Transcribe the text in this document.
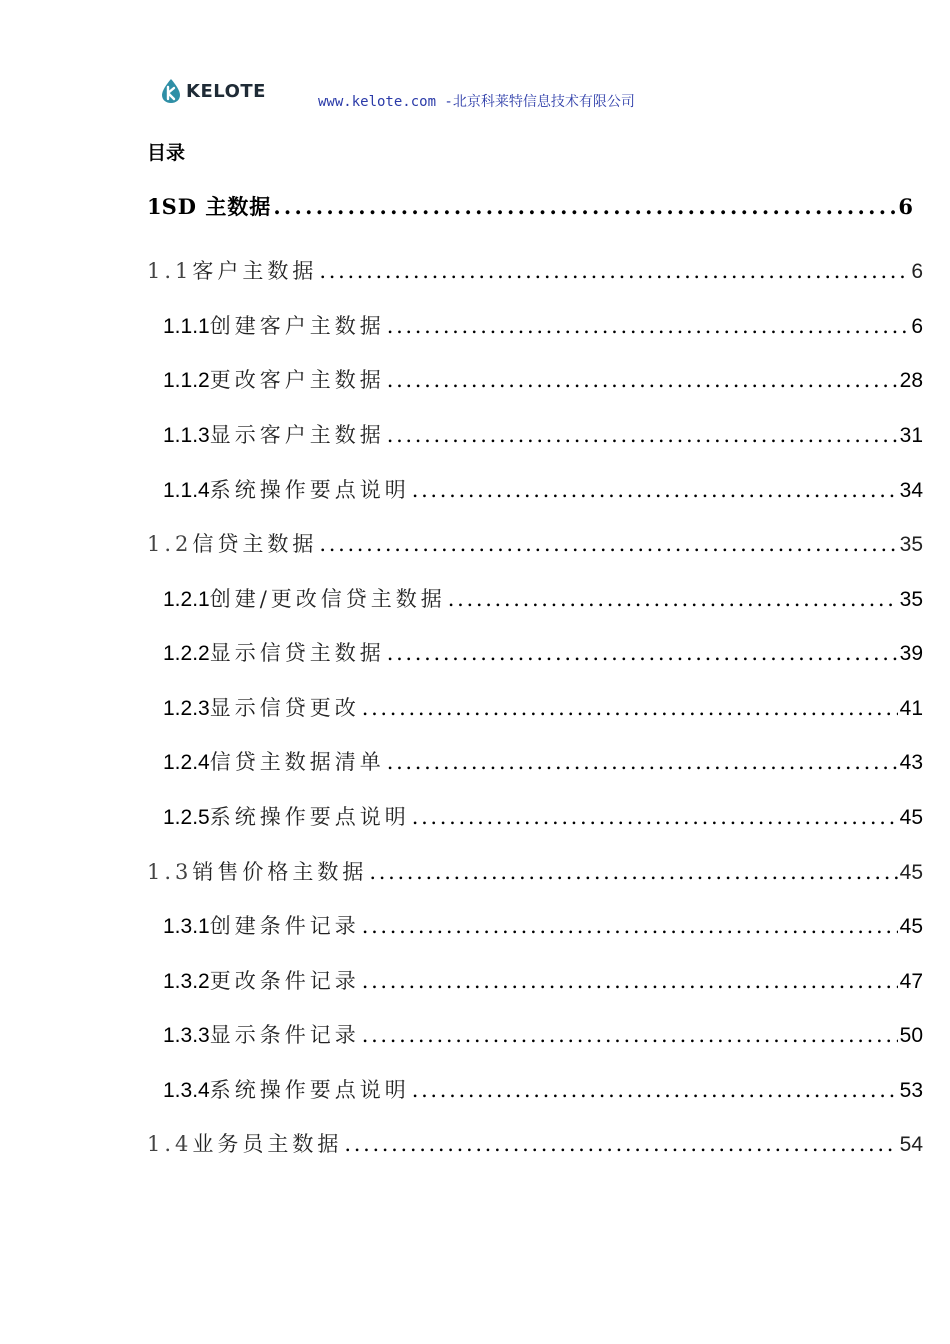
KELOTE
www.kelote.com -北京科莱特信息技术有限公司
目录
1 SD 主数据 . . .	6
1.1 客户主数据 . . .	6
1.1.1 创建客户主数据 . . .	6
1.1.2 更改客户主数据 . . .	28
1.1.3 显示客户主数据 . . .	31
1.1.4 系统操作要点说明 . . .	34
1.2 信贷主数据 . . .	35
1.2.1 创建/更改信贷主数据 . . .	35
1.2.2 显示信贷主数据 . . .	39
1.2.3 显示信贷更改 . . .	41
1.2.4 信贷主数据清单 . . .	43
1.2.5 系统操作要点说明 . . .	45
1.3 销售价格主数据 . . .	45
1.3.1 创建条件记录 . . .	45
1.3.2 更改条件记录 . . .	47
1.3.3 显示条件记录 . . .	50
1.3.4 系统操作要点说明 . . .	53
1.4 业务员主数据 . . .	54
